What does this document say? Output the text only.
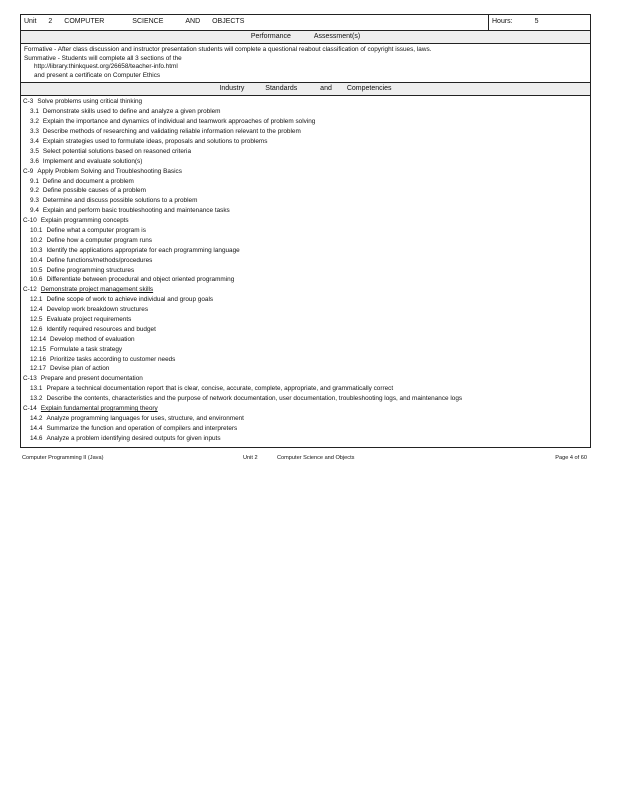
Unit 2 COMPUTER	SCIENCE	AND OBJECTS	Hours:	5
Performance	Assessment(s)
Formative - After class discussion and instructor presentation students will complete a questional reabout classification of copyright issues, laws.
Summative - Students will complete all 3 sections of the
http://library.thinkquest.org/26658/teacher-info.html
and present a certificate on Computer Ethics
Industry	Standards	and Competencies
C-3 Solve problems using critical thinking
3.1 Demonstrate skills used to define and analyze a given problem
3.2 Explain the importance and dynamics of individual and teamwork approaches of problem solving
3.3 Describe methods of researching and validating reliable information relevant to the problem
3.4 Explain strategies used to formulate ideas, proposals and solutions to problems
3.5 Select potential solutions based on reasoned criteria
3.6 Implement and evaluate solution(s)
C-9 Apply Problem Solving and Troubleshooting Basics
9.1 Define and document a problem
9.2 Define possible causes of a problem
9.3 Determine and discuss possible solutions to a problem
9.4 Explain and perform basic troubleshooting and maintenance tasks
C-10 Explain programming concepts
10.1 Define what a computer program is
10.2 Define how a computer program runs
10.3 Identify the applications appropriate for each programming language
10.4 Define functions/methods/procedures
10.5 Define programming structures
10.6 Differentiate between procedural and object oriented programming
C-12 Demonstrate project management skills
12.1 Define scope of work to achieve individual and group goals
12.4 Develop work breakdown structures
12.5 Evaluate project requirements
12.6 Identify required resources and budget
12.14 Develop method of evaluation
12.15 Formulate a task strategy
12.16 Prioritize tasks according to customer needs
12.17 Devise plan of action
C-13 Prepare and present documentation
13.1 Prepare a technical documentation report that is clear, concise, accurate, complete, appropriate, and grammatically correct
13.2 Describe the contents, characteristics and the purpose of network documentation, user documentation, troubleshooting logs, and maintenance logs
C-14 Explain fundamental programming theory
14.2 Analyze programming languages for uses, structure, and environment
14.4 Summarize the function and operation of compilers and interpreters
14.6 Analyze a problem identifying desired outputs for given inputs
Computer Programming II (Java)	Unit 2	Computer Science and Objects	Page 4 of 60
